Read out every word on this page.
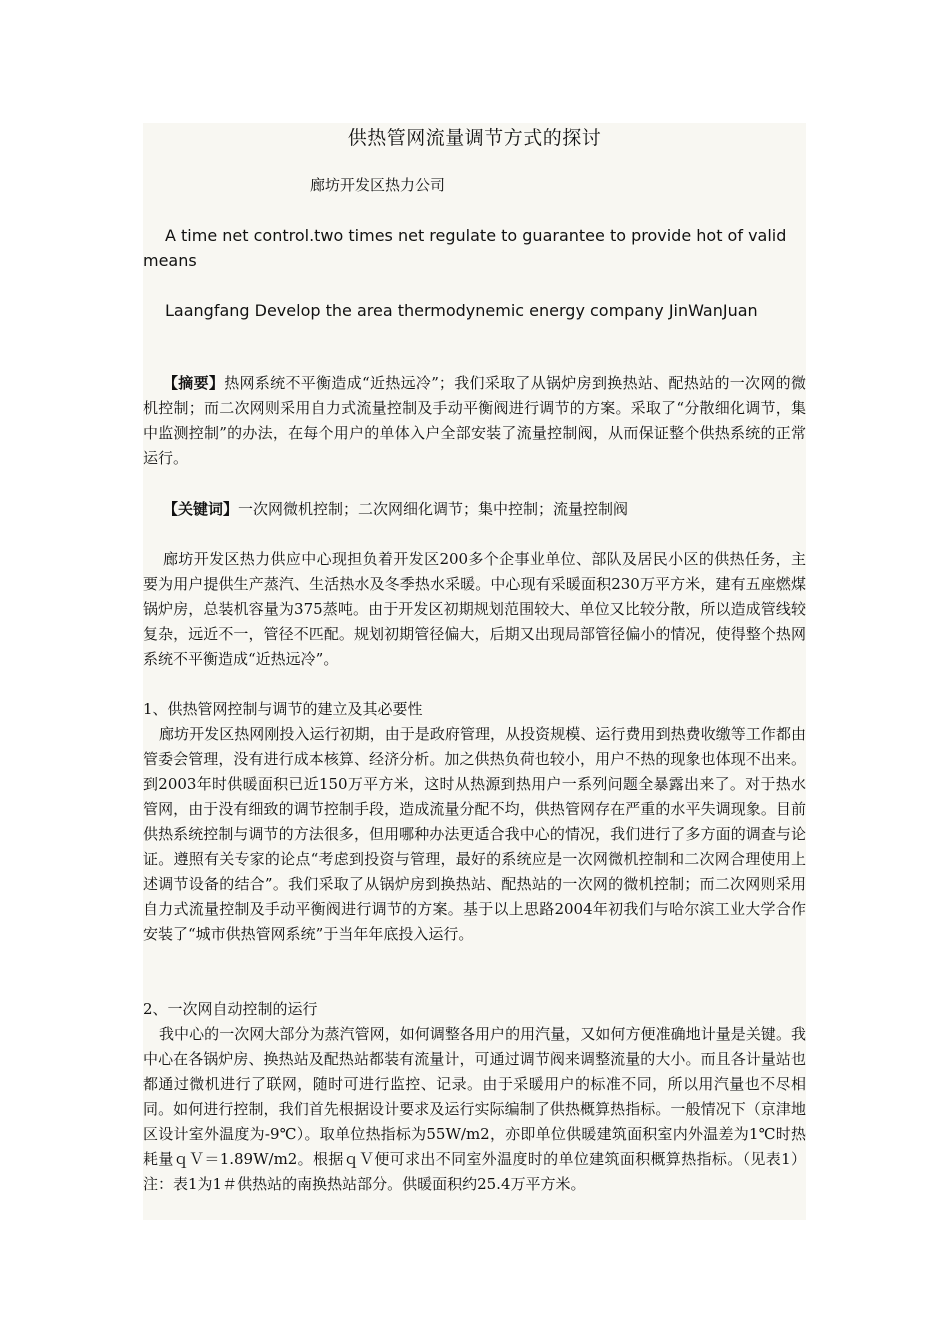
供热管网流量调节方式的探讨

廊坊开发区热力公司

A time net control.two times net regulate to guarantee to provide hot of valid means

Laangfang Develop the area thermodynemic energy company JinWanJuan

【摘要】热网系统不平衡造成“近热远冷”；我们采取了从锅炉房到换热站、配热站的一次网的微机控制；而二次网则采用自力式流量控制及手动平衡阀进行调节的方案。采取了“分散细化调节，集中监测控制”的办法，在每个用户的单体入户全部安装了流量控制阀，从而保证整个供热系统的正常运行。

【关键词】一次网微机控制；二次网细化调节；集中控制；流量控制阀

廊坊开发区热力供应中心现担负着开发区200多个企事业单位、部队及居民小区的供热任务，主要为用户提供生产蒸汽、生活热水及冬季热水采暖。中心现有采暖面积230万平方米，建有五座燃煤锅炉房，总装机容量为375蒸吨。由于开发区初期规划范围较大、单位又比较分散，所以造成管线较复杂，远近不一，管径不匹配。规划初期管径偏大，后期又出现局部管径偏小的情况，使得整个热网系统不平衡造成“近热远冷”。

1、供热管网控制与调节的建立及其必要性

廊坊开发区热网刚投入运行初期，由于是政府管理，从投资规模、运行费用到热费收缴等工作都由管委会管理，没有进行成本核算、经济分析。加之供热负荷也较小，用户不热的现象也体现不出来。到2003年时供暖面积已近150万平方米，这时从热源到热用户一系列问题全暴露出来了。对于热水管网，由于没有细致的调节控制手段，造成流量分配不均，供热管网存在严重的水平失调现象。目前供热系统控制与调节的方法很多，但用哪种办法更适合我中心的情况，我们进行了多方面的调查与论证。遵照有关专家的论点“考虑到投资与管理，最好的系统应是一次网微机控制和二次网合理使用上述调节设备的结合”。我们采取了从锅炉房到换热站、配热站的一次网的微机控制；而二次网则采用自力式流量控制及手动平衡阀进行调节的方案。基于以上思路2004年初我们与哈尔滨工业大学合作安装了“城市供热管网系统”于当年年底投入运行。

2、一次网自动控制的运行

我中心的一次网大部分为蒸汽管网，如何调整各用户的用汽量，又如何方便准确地计量是关键。我中心在各锅炉房、换热站及配热站都装有流量计，可通过调节阀来调整流量的大小。而且各计量站也都通过微机进行了联网，随时可进行监控、记录。由于采暖用户的标准不同，所以用汽量也不尽相同。如何进行控制，我们首先根据设计要求及运行实际编制了供热概算热指标。一般情况下（京津地区设计室外温度为-9℃）。取单位热指标为55W/m2，亦即单位供暖建筑面积室内外温差为1℃时热耗量ｑＶ＝1.89W/m2。根据ｑＶ便可求出不同室外温度时的单位建筑面积概算热指标。（见表1）注：表1为1＃供热站的南换热站部分。供暖面积约25.4万平方米。
